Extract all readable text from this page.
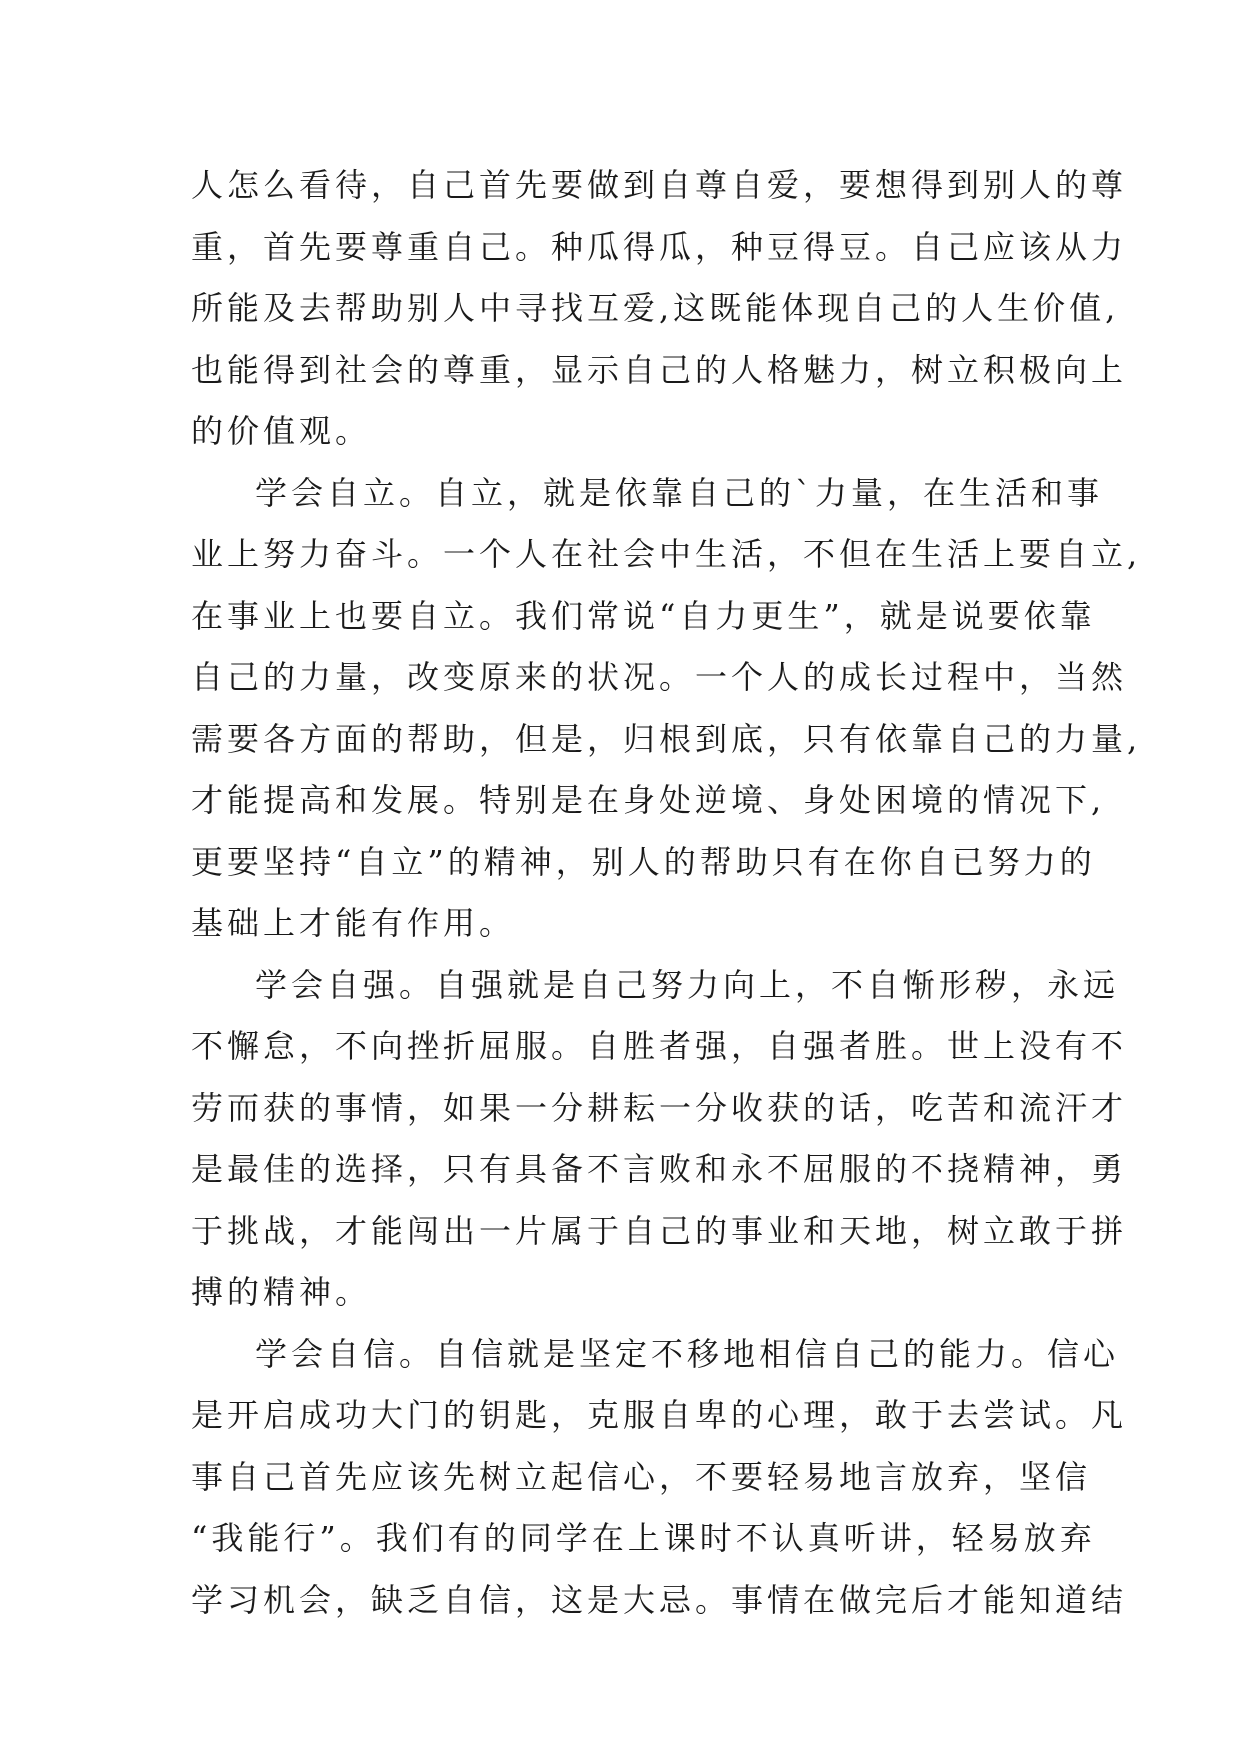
人怎么看待，自己首先要做到自尊自爱，要想得到别人的尊
重，首先要尊重自己。种瓜得瓜，种豆得豆。自己应该从力
所能及去帮助别人中寻找互爱,这既能体现自己的人生价值,
也能得到社会的尊重，显示自己的人格魅力，树立积极向上
的价值观。
学会自立。自立，就是依靠自己的`力量，在生活和事
业上努力奋斗。一个人在社会中生活，不但在生活上要自立,
在事业上也要自立。我们常说“自力更生”，就是说要依靠
自己的力量，改变原来的状况。一个人的成长过程中，当然
需要各方面的帮助，但是，归根到底，只有依靠自己的力量,
才能提高和发展。特别是在身处逆境、身处困境的情况下,
更要坚持“自立”的精神，别人的帮助只有在你自已努力的
基础上才能有作用。
学会自强。自强就是自己努力向上，不自惭形秽，永远
不懈怠，不向挫折屈服。自胜者强，自强者胜。世上没有不
劳而获的事情，如果一分耕耘一分收获的话，吃苦和流汗才
是最佳的选择，只有具备不言败和永不屈服的不挠精神，勇
于挑战，才能闯出一片属于自己的事业和天地，树立敢于拼
搏的精神。
学会自信。自信就是坚定不移地相信自己的能力。信心
是开启成功大门的钥匙，克服自卑的心理，敢于去尝试。凡
事自己首先应该先树立起信心，不要轻易地言放弃，坚信
“我能行”。我们有的同学在上课时不认真听讲，轻易放弃
学习机会，缺乏自信，这是大忌。事情在做完后才能知道结
